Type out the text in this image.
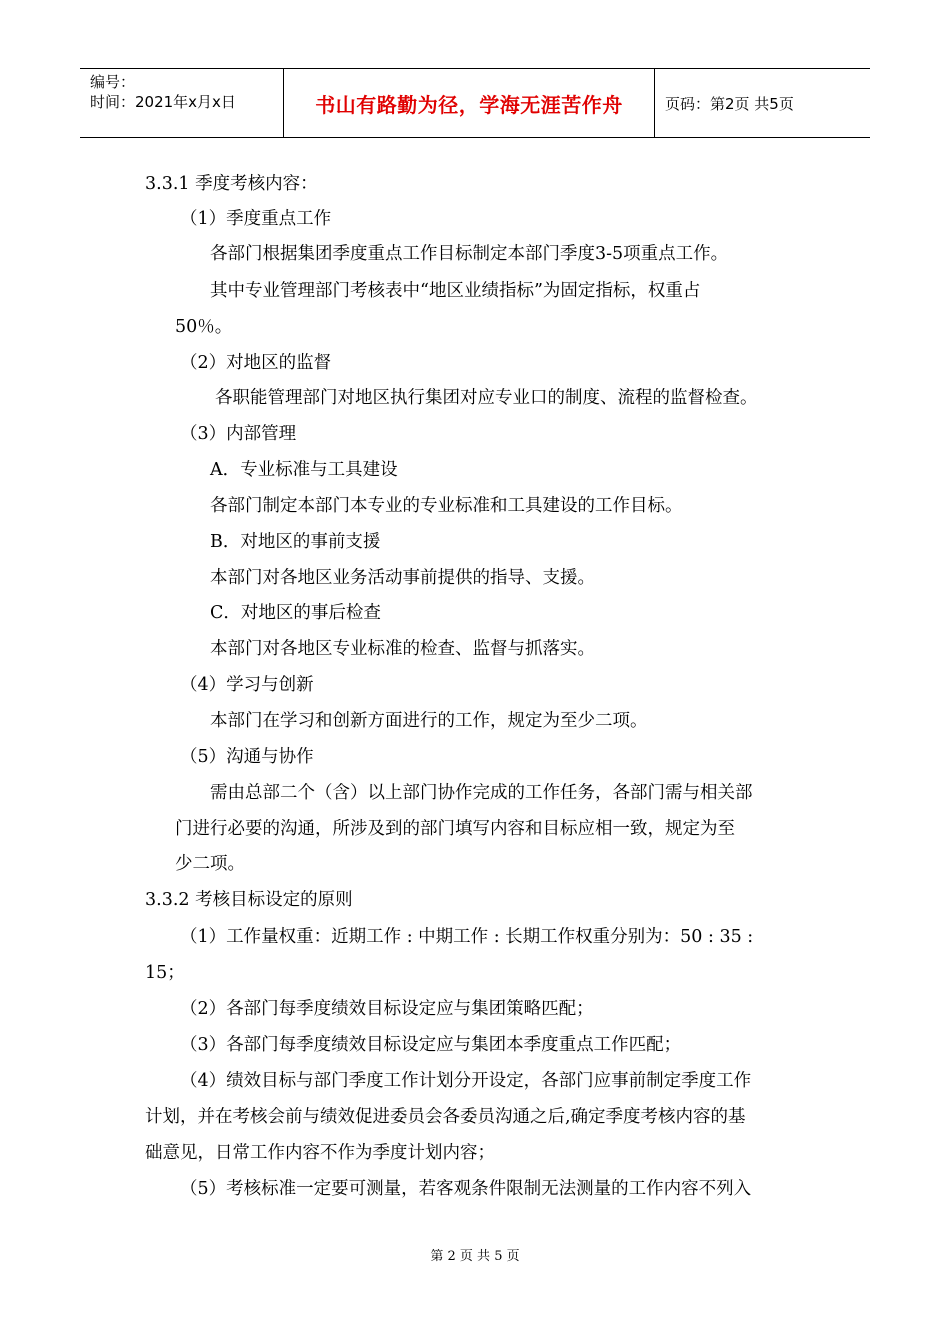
编号：
时间：2021年x月x日	书山有路勤为径，学海无涯苦作舟	页码：第2页 共5页
3.3.1 季度考核内容：
（1）季度重点工作
各部门根据集团季度重点工作目标制定本部门季度3-5项重点工作。
其中专业管理部门考核表中“地区业绩指标”为固定指标，权重占
50％。
（2）对地区的监督
各职能管理部门对地区执行集团对应专业口的制度、流程的监督检查。
（3）内部管理
A．专业标准与工具建设
各部门制定本部门本专业的专业标准和工具建设的工作目标。
B．对地区的事前支援
本部门对各地区业务活动事前提供的指导、支援。
C．对地区的事后检查
本部门对各地区专业标准的检查、监督与抓落实。
（4）学习与创新
本部门在学习和创新方面进行的工作，规定为至少二项。
（5）沟通与协作
需由总部二个（含）以上部门协作完成的工作任务，各部门需与相关部
门进行必要的沟通，所涉及到的部门填写内容和目标应相一致，规定为至
少二项。
3.3.2 考核目标设定的原则
（1）工作量权重：近期工作 : 中期工作 : 长期工作权重分别为：50 : 35 :
15；
（2）各部门每季度绩效目标设定应与集团策略匹配；
（3）各部门每季度绩效目标设定应与集团本季度重点工作匹配；
（4）绩效目标与部门季度工作计划分开设定，各部门应事前制定季度工作
计划，并在考核会前与绩效促进委员会各委员沟通之后,确定季度考核内容的基
础意见，日常工作内容不作为季度计划内容；
（5）考核标准一定要可测量，若客观条件限制无法测量的工作内容不列入
第 2 页 共 5 页
